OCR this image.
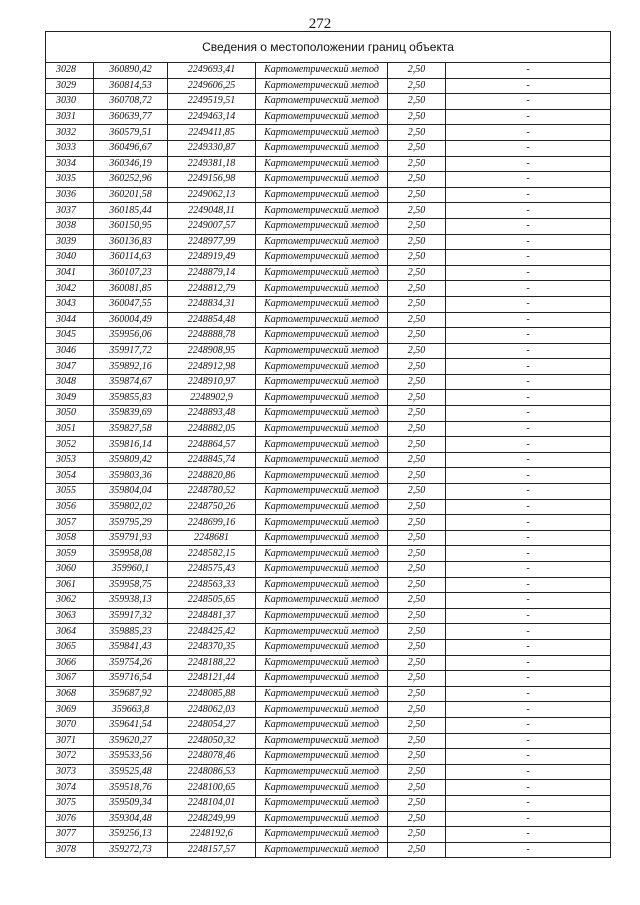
272
Сведения о местоположении границ объекта					
3028	360890,42	2249693,41	Картометрический метод	2,50	-
3029	360814,53	2249606,25	Картометрический метод	2,50	-
3030	360708,72	2249519,51	Картометрический метод	2,50	-
3031	360639,77	2249463,14	Картометрический метод	2,50	-
3032	360579,51	2249411,85	Картометрический метод	2,50	-
3033	360496,67	2249330,87	Картометрический метод	2,50	-
3034	360346,19	2249381,18	Картометрический метод	2,50	-
3035	360252,96	2249156,98	Картометрический метод	2,50	-
3036	360201,58	2249062,13	Картометрический метод	2,50	-
3037	360185,44	2249048,11	Картометрический метод	2,50	-
3038	360150,95	2249007,57	Картометрический метод	2,50	-
3039	360136,83	2248977,99	Картометрический метод	2,50	-
3040	360114,63	2248919,49	Картометрический метод	2,50	-
3041	360107,23	2248879,14	Картометрический метод	2,50	-
3042	360081,85	2248812,79	Картометрический метод	2,50	-
3043	360047,55	2248834,31	Картометрический метод	2,50	-
3044	360004,49	2248854,48	Картометрический метод	2,50	-
3045	359956,06	2248888,78	Картометрический метод	2,50	-
3046	359917,72	2248908,95	Картометрический метод	2,50	-
3047	359892,16	2248912,98	Картометрический метод	2,50	-
3048	359874,67	2248910,97	Картометрический метод	2,50	-
3049	359855,83	2248902,9	Картометрический метод	2,50	-
3050	359839,69	2248893,48	Картометрический метод	2,50	-
3051	359827,58	2248882,05	Картометрический метод	2,50	-
3052	359816,14	2248864,57	Картометрический метод	2,50	-
3053	359809,42	2248845,74	Картометрический метод	2,50	-
3054	359803,36	2248820,86	Картометрический метод	2,50	-
3055	359804,04	2248780,52	Картометрический метод	2,50	-
3056	359802,02	2248750,26	Картометрический метод	2,50	-
3057	359795,29	2248699,16	Картометрический метод	2,50	-
3058	359791,93	2248681	Картометрический метод	2,50	-
3059	359958,08	2248582,15	Картометрический метод	2,50	-
3060	359960,1	2248575,43	Картометрический метод	2,50	-
3061	359958,75	2248563,33	Картометрический метод	2,50	-
3062	359938,13	2248505,65	Картометрический метод	2,50	-
3063	359917,32	2248481,37	Картометрический метод	2,50	-
3064	359885,23	2248425,42	Картометрический метод	2,50	-
3065	359841,43	2248370,35	Картометрический метод	2,50	-
3066	359754,26	2248188,22	Картометрический метод	2,50	-
3067	359716,54	2248121,44	Картометрический метод	2,50	-
3068	359687,92	2248085,88	Картометрический метод	2,50	-
3069	359663,8	2248062,03	Картометрический метод	2,50	-
3070	359641,54	2248054,27	Картометрический метод	2,50	-
3071	359620,27	2248050,32	Картометрический метод	2,50	-
3072	359533,56	2248078,46	Картометрический метод	2,50	-
3073	359525,48	2248086,53	Картометрический метод	2,50	-
3074	359518,76	2248100,65	Картометрический метод	2,50	-
3075	359509,34	2248104,01	Картометрический метод	2,50	-
3076	359304,48	2248249,99	Картометрический метод	2,50	-
3077	359256,13	2248192,6	Картометрический метод	2,50	-
3078	359272,73	2248157,57	Картометрический метод	2,50	-
